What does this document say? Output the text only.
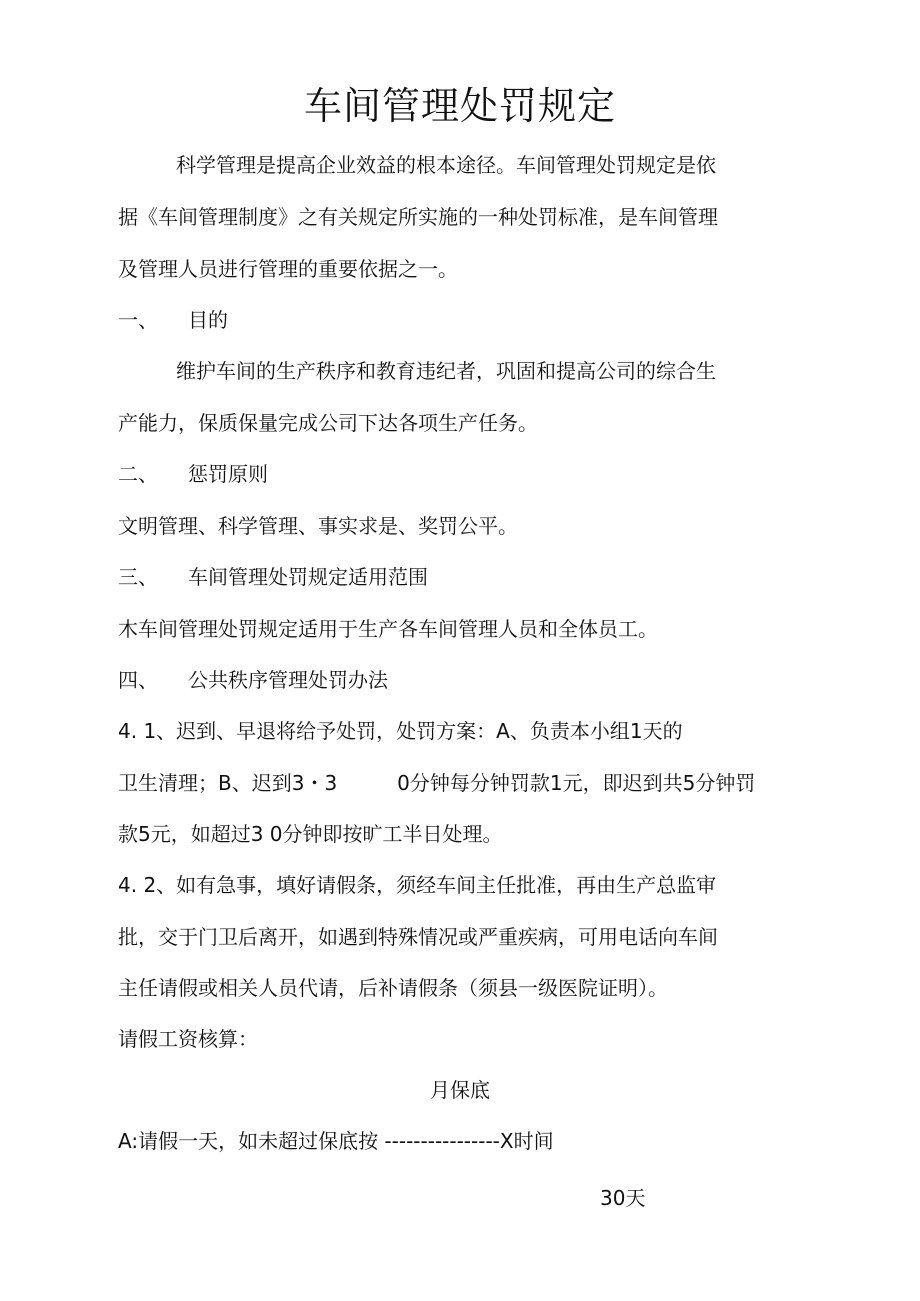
车间管理处罚规定

科学管理是提高企业效益的根本途径。车间管理处罚规定是依

据《车间管理制度》之有关规定所实施的一种处罚标准，是车间管理

及管理人员进行管理的重要依据之一。

一、 目的

维护车间的生产秩序和教育违纪者，巩固和提高公司的综合生

产能力，保质保量完成公司下达各项生产任务。

二、 惩罚原则

文明管理、科学管理、事实求是、奖罚公平。

三、 车间管理处罚规定适用范围

木车间管理处罚规定适用于生产各车间管理人员和全体员工。

四、 公共秩序管理处罚办法

4. 1、迟到、早退将给予处罚，处罚方案：A、负责本小组1天的

卫生清理；B、迟到3・3	0分钟每分钟罚款1元，即迟到共5分钟罚

款5元，如超过3 0分钟即按旷工半日处理。

4. 2、如有急事，填好请假条，须经车间主任批准，再由生产总监审

批，交于门卫后离开，如遇到特殊情况或严重疾病，可用电话向车间

主任请假或相关人员代请，后补请假条（须县一级医院证明）。

请假工资核算：

月保底

A:请假一天，如未超过保底按 ----------------X时间

30天
